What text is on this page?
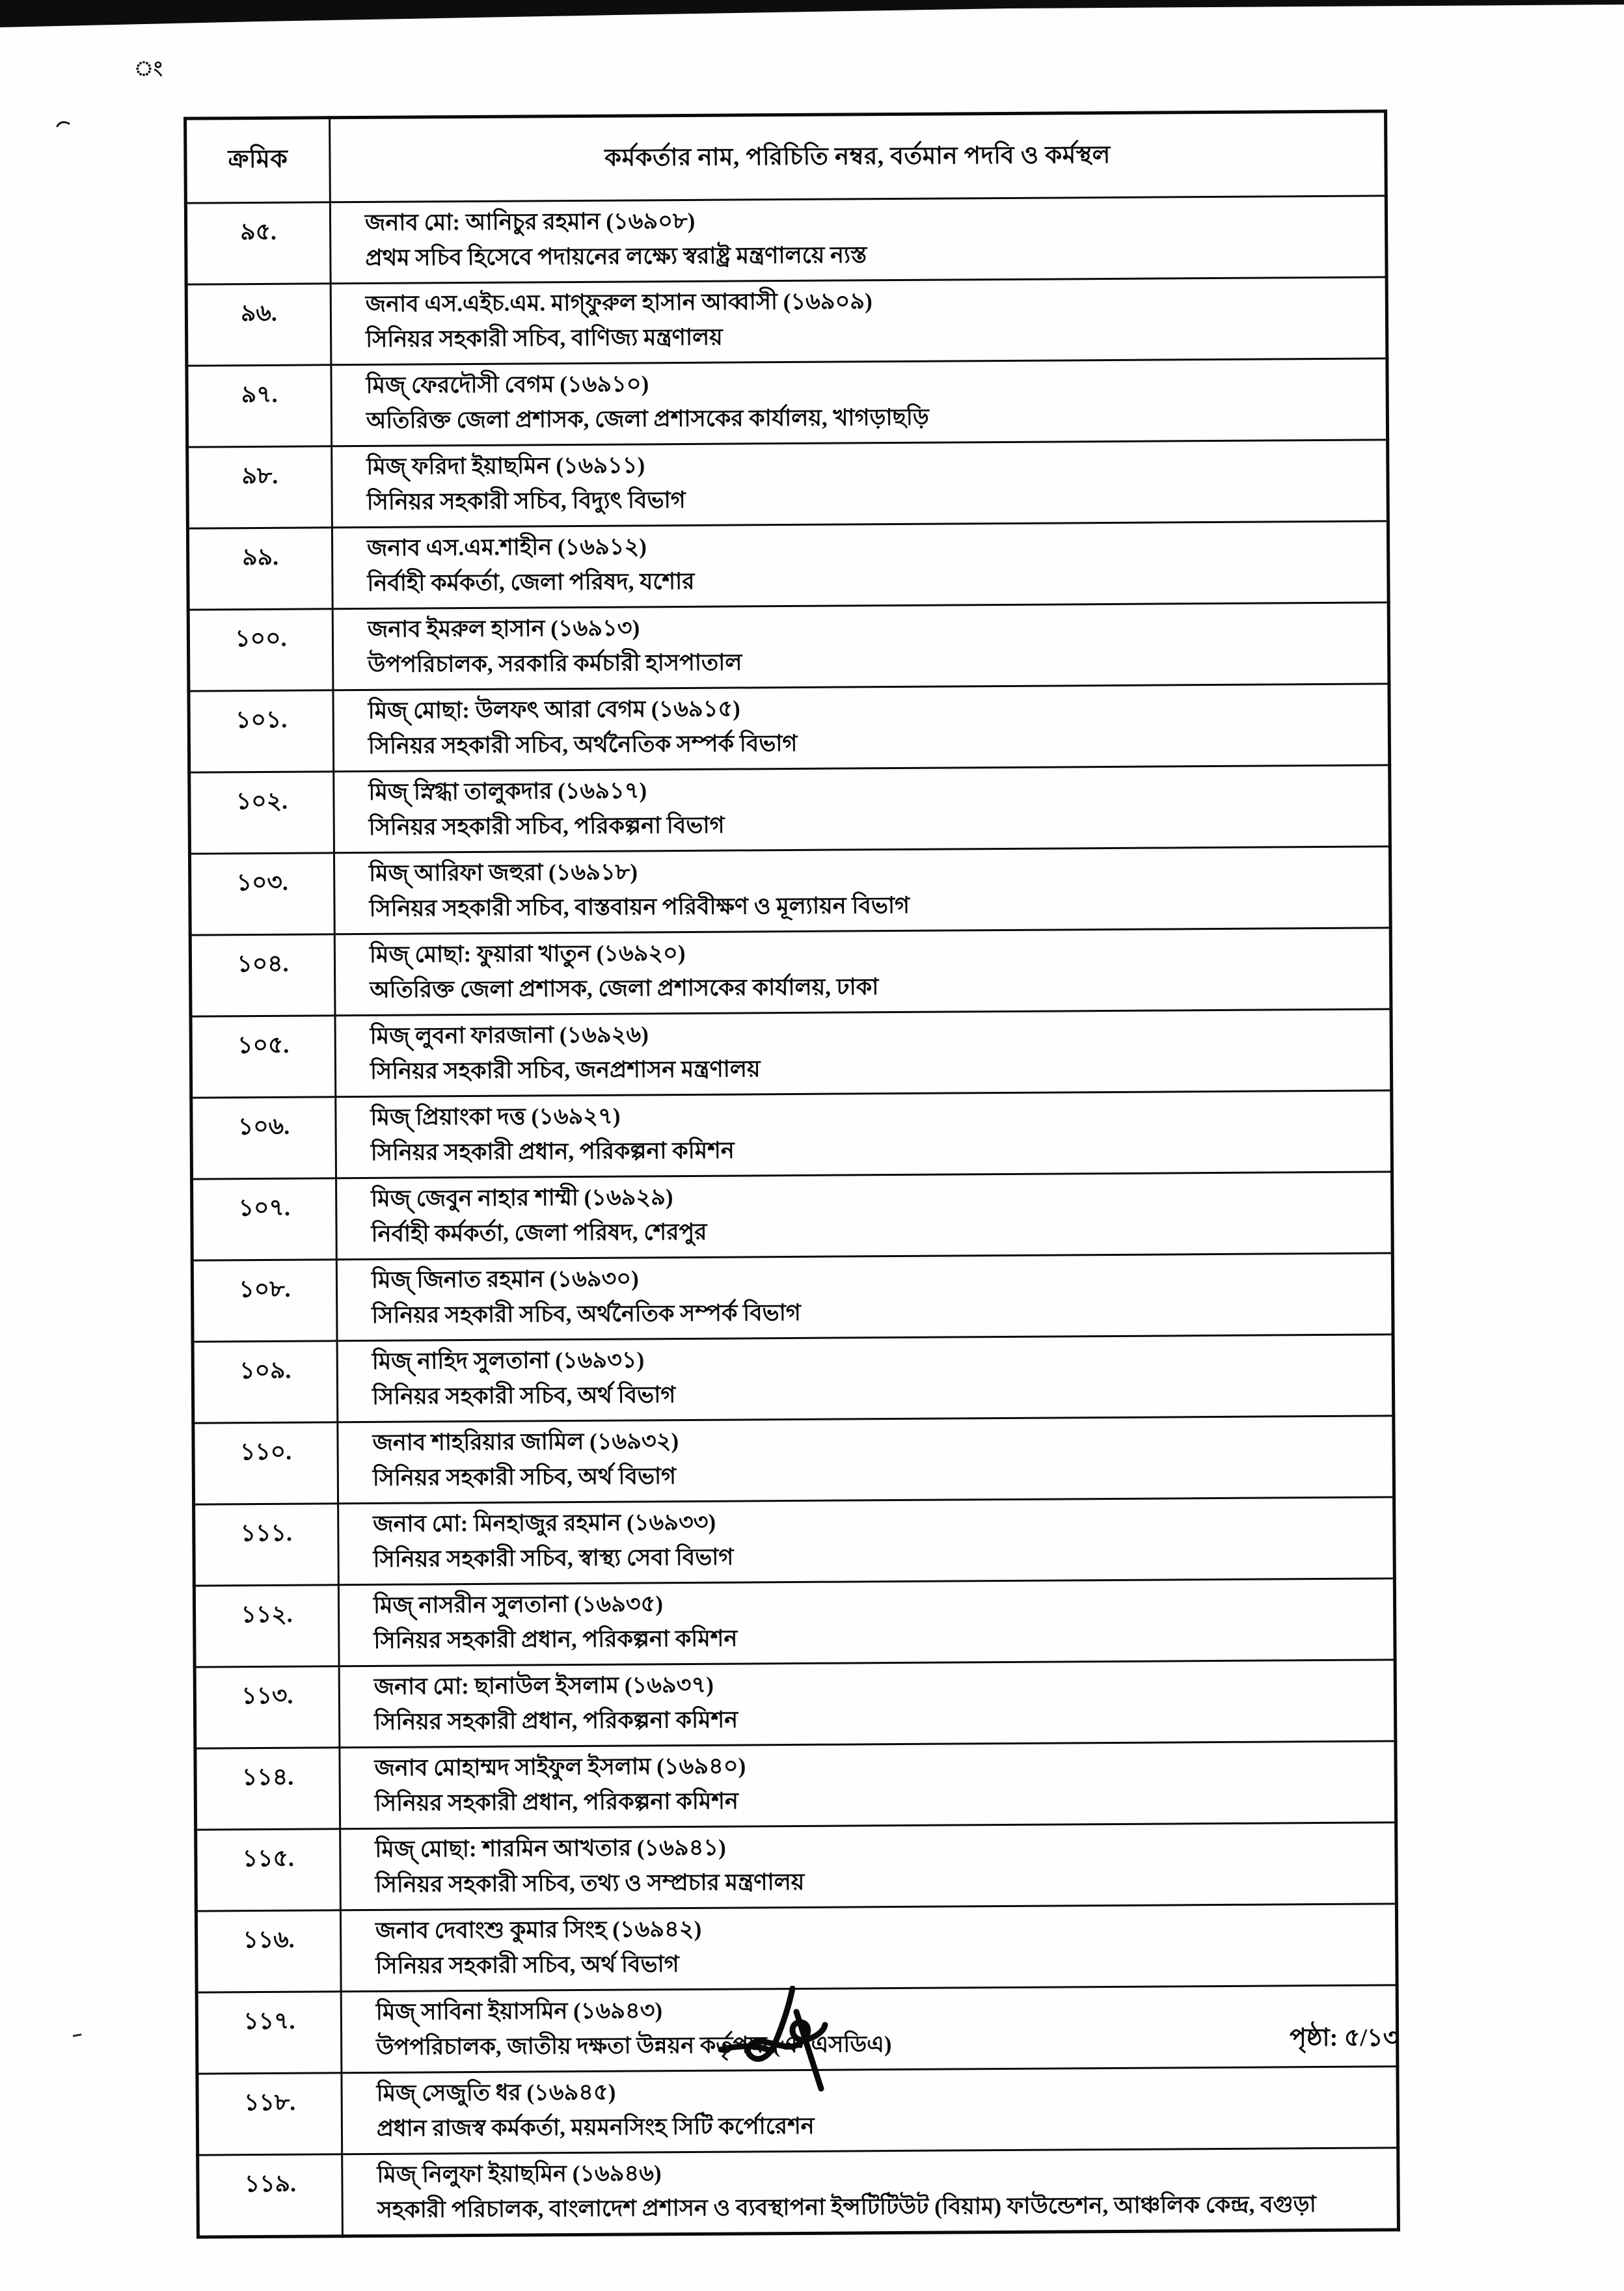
ং
ক্রমিক	কর্মকর্তার নাম, পরিচিতি নম্বর, বর্তমান পদবি ও কর্মস্থল
৯৫.	জনাব মো: আনিচুর রহমান (১৬৯০৮)
প্রথম সচিব হিসেবে পদায়নের লক্ষ্যে স্বরাষ্ট্র মন্ত্রণালয়ে ন্যস্ত

৯৬.	জনাব এস.এইচ.এম. মাগ্‌ফুরুল হাসান আব্বাসী (১৬৯০৯)
সিনিয়র সহকারী সচিব, বাণিজ্য মন্ত্রণালয়

৯৭.	মিজ্ ফেরদৌসী বেগম (১৬৯১০)
অতিরিক্ত জেলা প্রশাসক, জেলা প্রশাসকের কার্যালয়, খাগড়াছড়ি

৯৮.	মিজ্ ফরিদা ইয়াছমিন (১৬৯১১)
সিনিয়র সহকারী সচিব, বিদ্যুৎ বিভাগ

৯৯.	জনাব এস.এম.শাহীন (১৬৯১২)
নির্বাহী কর্মকর্তা, জেলা পরিষদ, যশোর

১০০.	জনাব ইমরুল হাসান (১৬৯১৩)
উপপরিচালক, সরকারি কর্মচারী হাসপাতাল

১০১.	মিজ্ মোছা: উলফৎ আরা বেগম (১৬৯১৫)
সিনিয়র সহকারী সচিব, অর্থনৈতিক সম্পর্ক বিভাগ

১০২.	মিজ্ স্নিগ্ধা তালুকদার (১৬৯১৭)
সিনিয়র সহকারী সচিব, পরিকল্পনা বিভাগ

১০৩.	মিজ্ আরিফা জহুরা (১৬৯১৮)
সিনিয়র সহকারী সচিব, বাস্তবায়ন পরিবীক্ষণ ও মূল্যায়ন বিভাগ

১০৪.	মিজ্ মোছা: ফুয়ারা খাতুন (১৬৯২০)
অতিরিক্ত জেলা প্রশাসক, জেলা প্রশাসকের কার্যালয়, ঢাকা

১০৫.	মিজ্ লুবনা ফারজানা (১৬৯২৬)
সিনিয়র সহকারী সচিব, জনপ্রশাসন মন্ত্রণালয়

১০৬.	মিজ্ প্রিয়াংকা দত্ত (১৬৯২৭)
সিনিয়র সহকারী প্রধান, পরিকল্পনা কমিশন

১০৭.	মিজ্ জেবুন নাহার শাম্মী (১৬৯২৯)
নির্বাহী কর্মকর্তা, জেলা পরিষদ, শেরপুর

১০৮.	মিজ্ জিনাত রহমান (১৬৯৩০)
সিনিয়র সহকারী সচিব, অর্থনৈতিক সম্পর্ক বিভাগ

১০৯.	মিজ্ নাহিদ সুলতানা (১৬৯৩১)
সিনিয়র সহকারী সচিব, অর্থ বিভাগ

১১০.	জনাব শাহরিয়ার জামিল (১৬৯৩২)
সিনিয়র সহকারী সচিব, অর্থ বিভাগ

১১১.	জনাব মো: মিনহাজুর রহমান (১৬৯৩৩)
সিনিয়র সহকারী সচিব, স্বাস্থ্য সেবা বিভাগ

১১২.	মিজ্ নাসরীন সুলতানা (১৬৯৩৫)
সিনিয়র সহকারী প্রধান, পরিকল্পনা কমিশন

১১৩.	জনাব মো: ছানাউল ইসলাম (১৬৯৩৭)
সিনিয়র সহকারী প্রধান, পরিকল্পনা কমিশন

১১৪.	জনাব মোহাম্মদ সাইফুল ইসলাম (১৬৯৪০)
সিনিয়র সহকারী প্রধান, পরিকল্পনা কমিশন

১১৫.	মিজ্ মোছা: শারমিন আখতার (১৬৯৪১)
সিনিয়র সহকারী সচিব, তথ্য ও সম্প্রচার মন্ত্রণালয়

১১৬.	জনাব দেবাংশু কুমার সিংহ (১৬৯৪২)
সিনিয়র সহকারী সচিব, অর্থ বিভাগ

১১৭.	মিজ্ সাবিনা ইয়াসমিন (১৬৯৪৩)
উপপরিচালক, জাতীয় দক্ষতা উন্নয়ন কর্তৃপক্ষ (এনএসডিএ)

১১৮.	মিজ্ সেজুতি ধর (১৬৯৪৫)
প্রধান রাজস্ব কর্মকর্তা, ময়মনসিংহ সিটি কর্পোরেশন

১১৯.	মিজ্ নিলুফা ইয়াছমিন (১৬৯৪৬)
সহকারী পরিচালক, বাংলাদেশ প্রশাসন ও ব্যবস্থাপনা ইন্সটিটিউট (বিয়াম) ফাউন্ডেশন, আঞ্চলিক কেন্দ্র, বগুড়া
পৃষ্ঠা: ৫/১৩
